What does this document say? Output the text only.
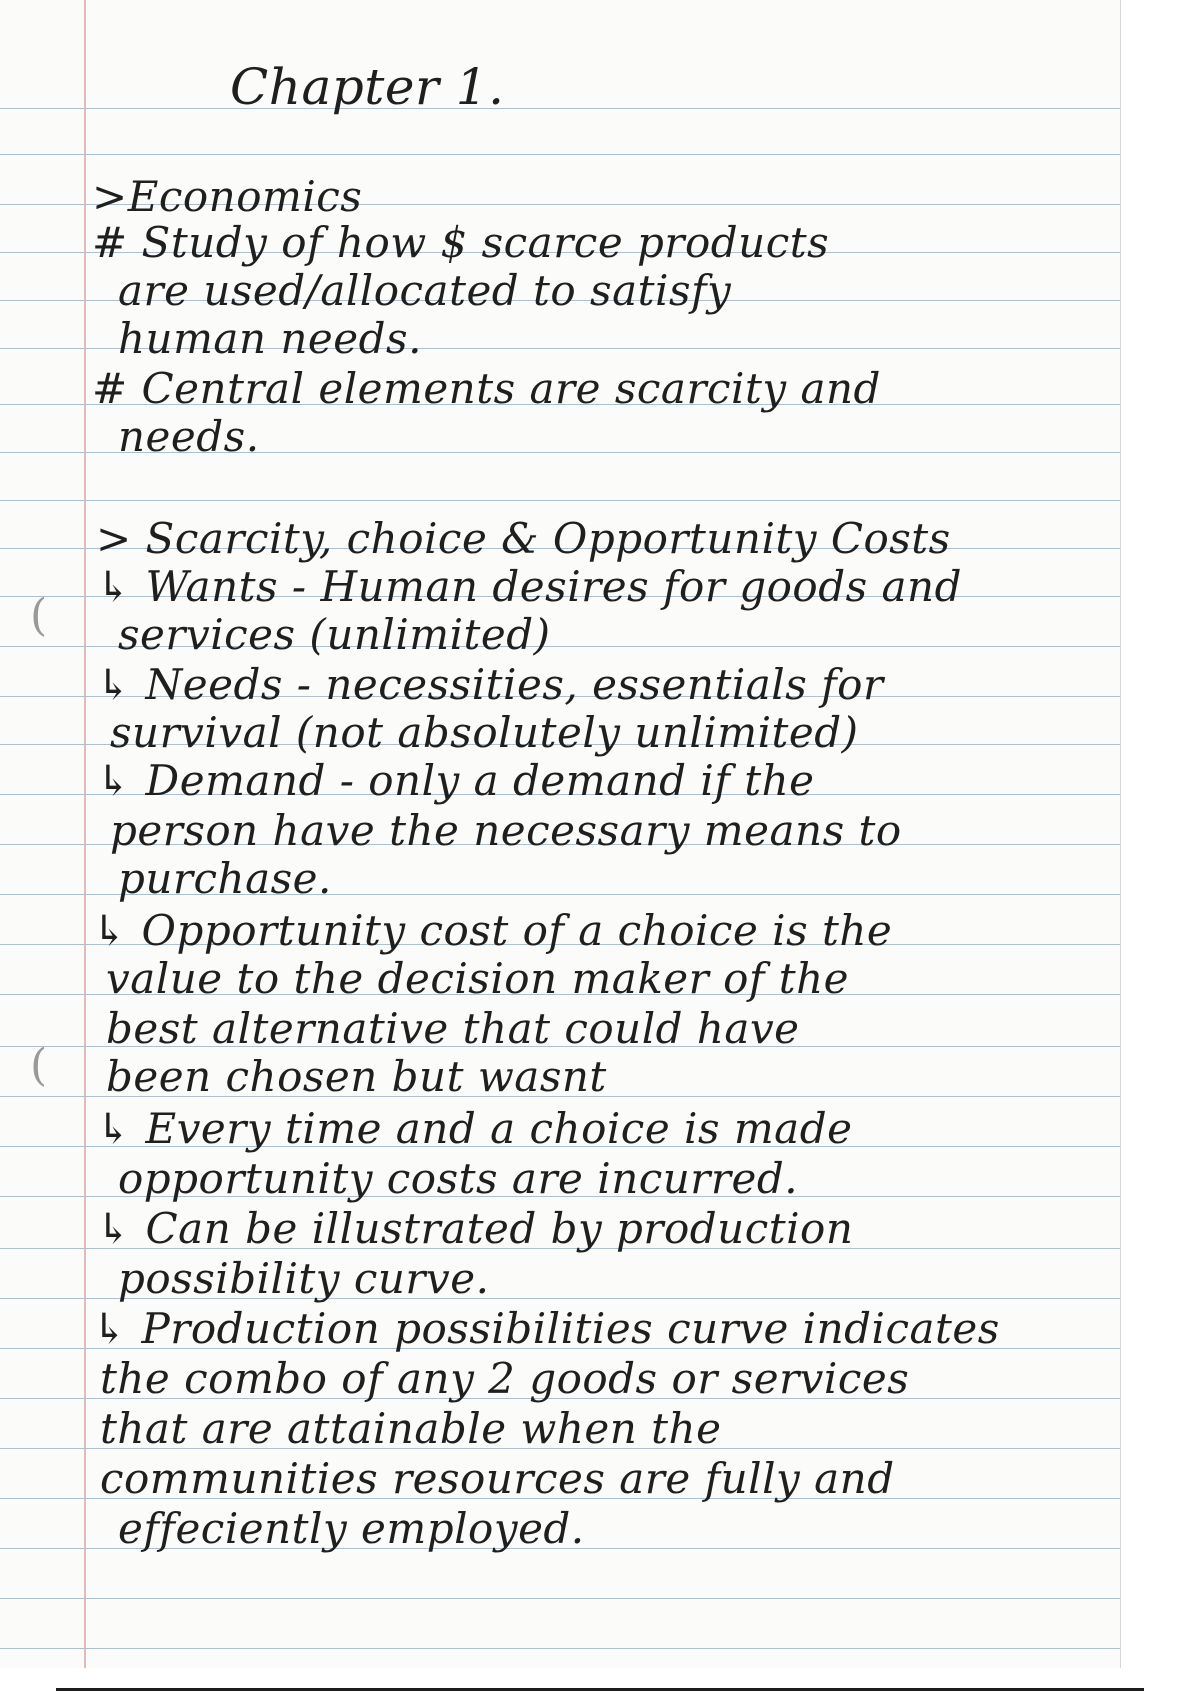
(
(

Chapter 1.

>Economics

# Study of how $ scarce products

are used/allocated to satisfy

human needs.

# Central elements are scarcity and

needs.

> Scarcity, choice & Opportunity Costs

↳ Wants - Human desires for goods and

services (unlimited)

↳ Needs - necessities, essentials for

survival (not absolutely unlimited)

↳ Demand - only a demand if the

person have the necessary means to

purchase.

↳ Opportunity cost of a choice is the

value to the decision maker of the

best alternative that could have

been chosen but wasnt

↳ Every time and a choice is made

opportunity costs are incurred.

↳ Can be illustrated by production

possibility curve.

↳ Production possibilities curve indicates

the combo of any 2 goods or services

that are attainable when the

communities resources are fully and

effeciently employed.
